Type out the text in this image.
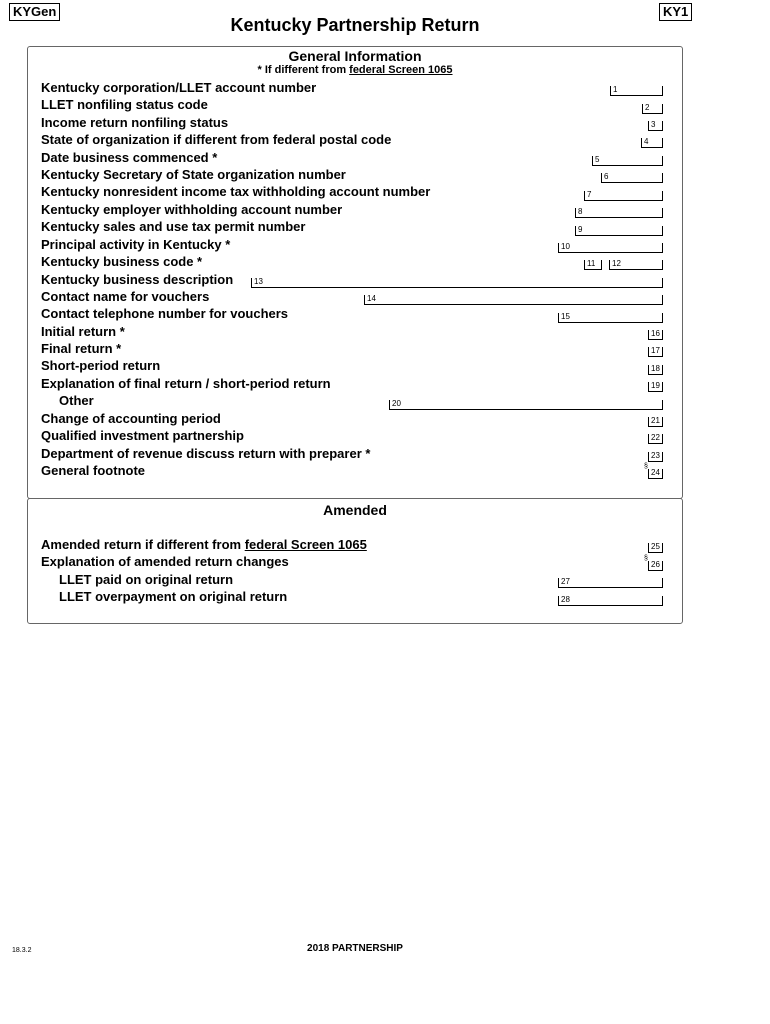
KYGen	KY1
Kentucky Partnership Return
General Information
* If different from federal Screen 1065
Amended
Kentucky corporation/LLET account number
LLET nonfiling status code
Income return nonfiling status
State of organization if different from federal postal code
Date business commenced *
Kentucky Secretary of State organization number
Kentucky nonresident income tax withholding account number
Kentucky employer withholding account number
Kentucky sales and use tax permit number
Principal activity in Kentucky *
Kentucky business code *
Kentucky business description
Contact name for vouchers
Contact telephone number for vouchers
Initial return *
Final return *
Short-period return
Explanation of final return / short-period return
Other
Change of accounting period
Qualified investment partnership
Department of revenue discuss return with preparer *
General footnote
Amended return if different from federal Screen 1065
Explanation of amended return changes
LLET paid on original return
LLET overpayment on original return
1
2
3
4
5
6
7
8
9
10
11 12
13
14
15
16
17
18
19
20
21
22
23
§
24
25
§
26
27
28
18.3.2	2018 PARTNERSHIP
